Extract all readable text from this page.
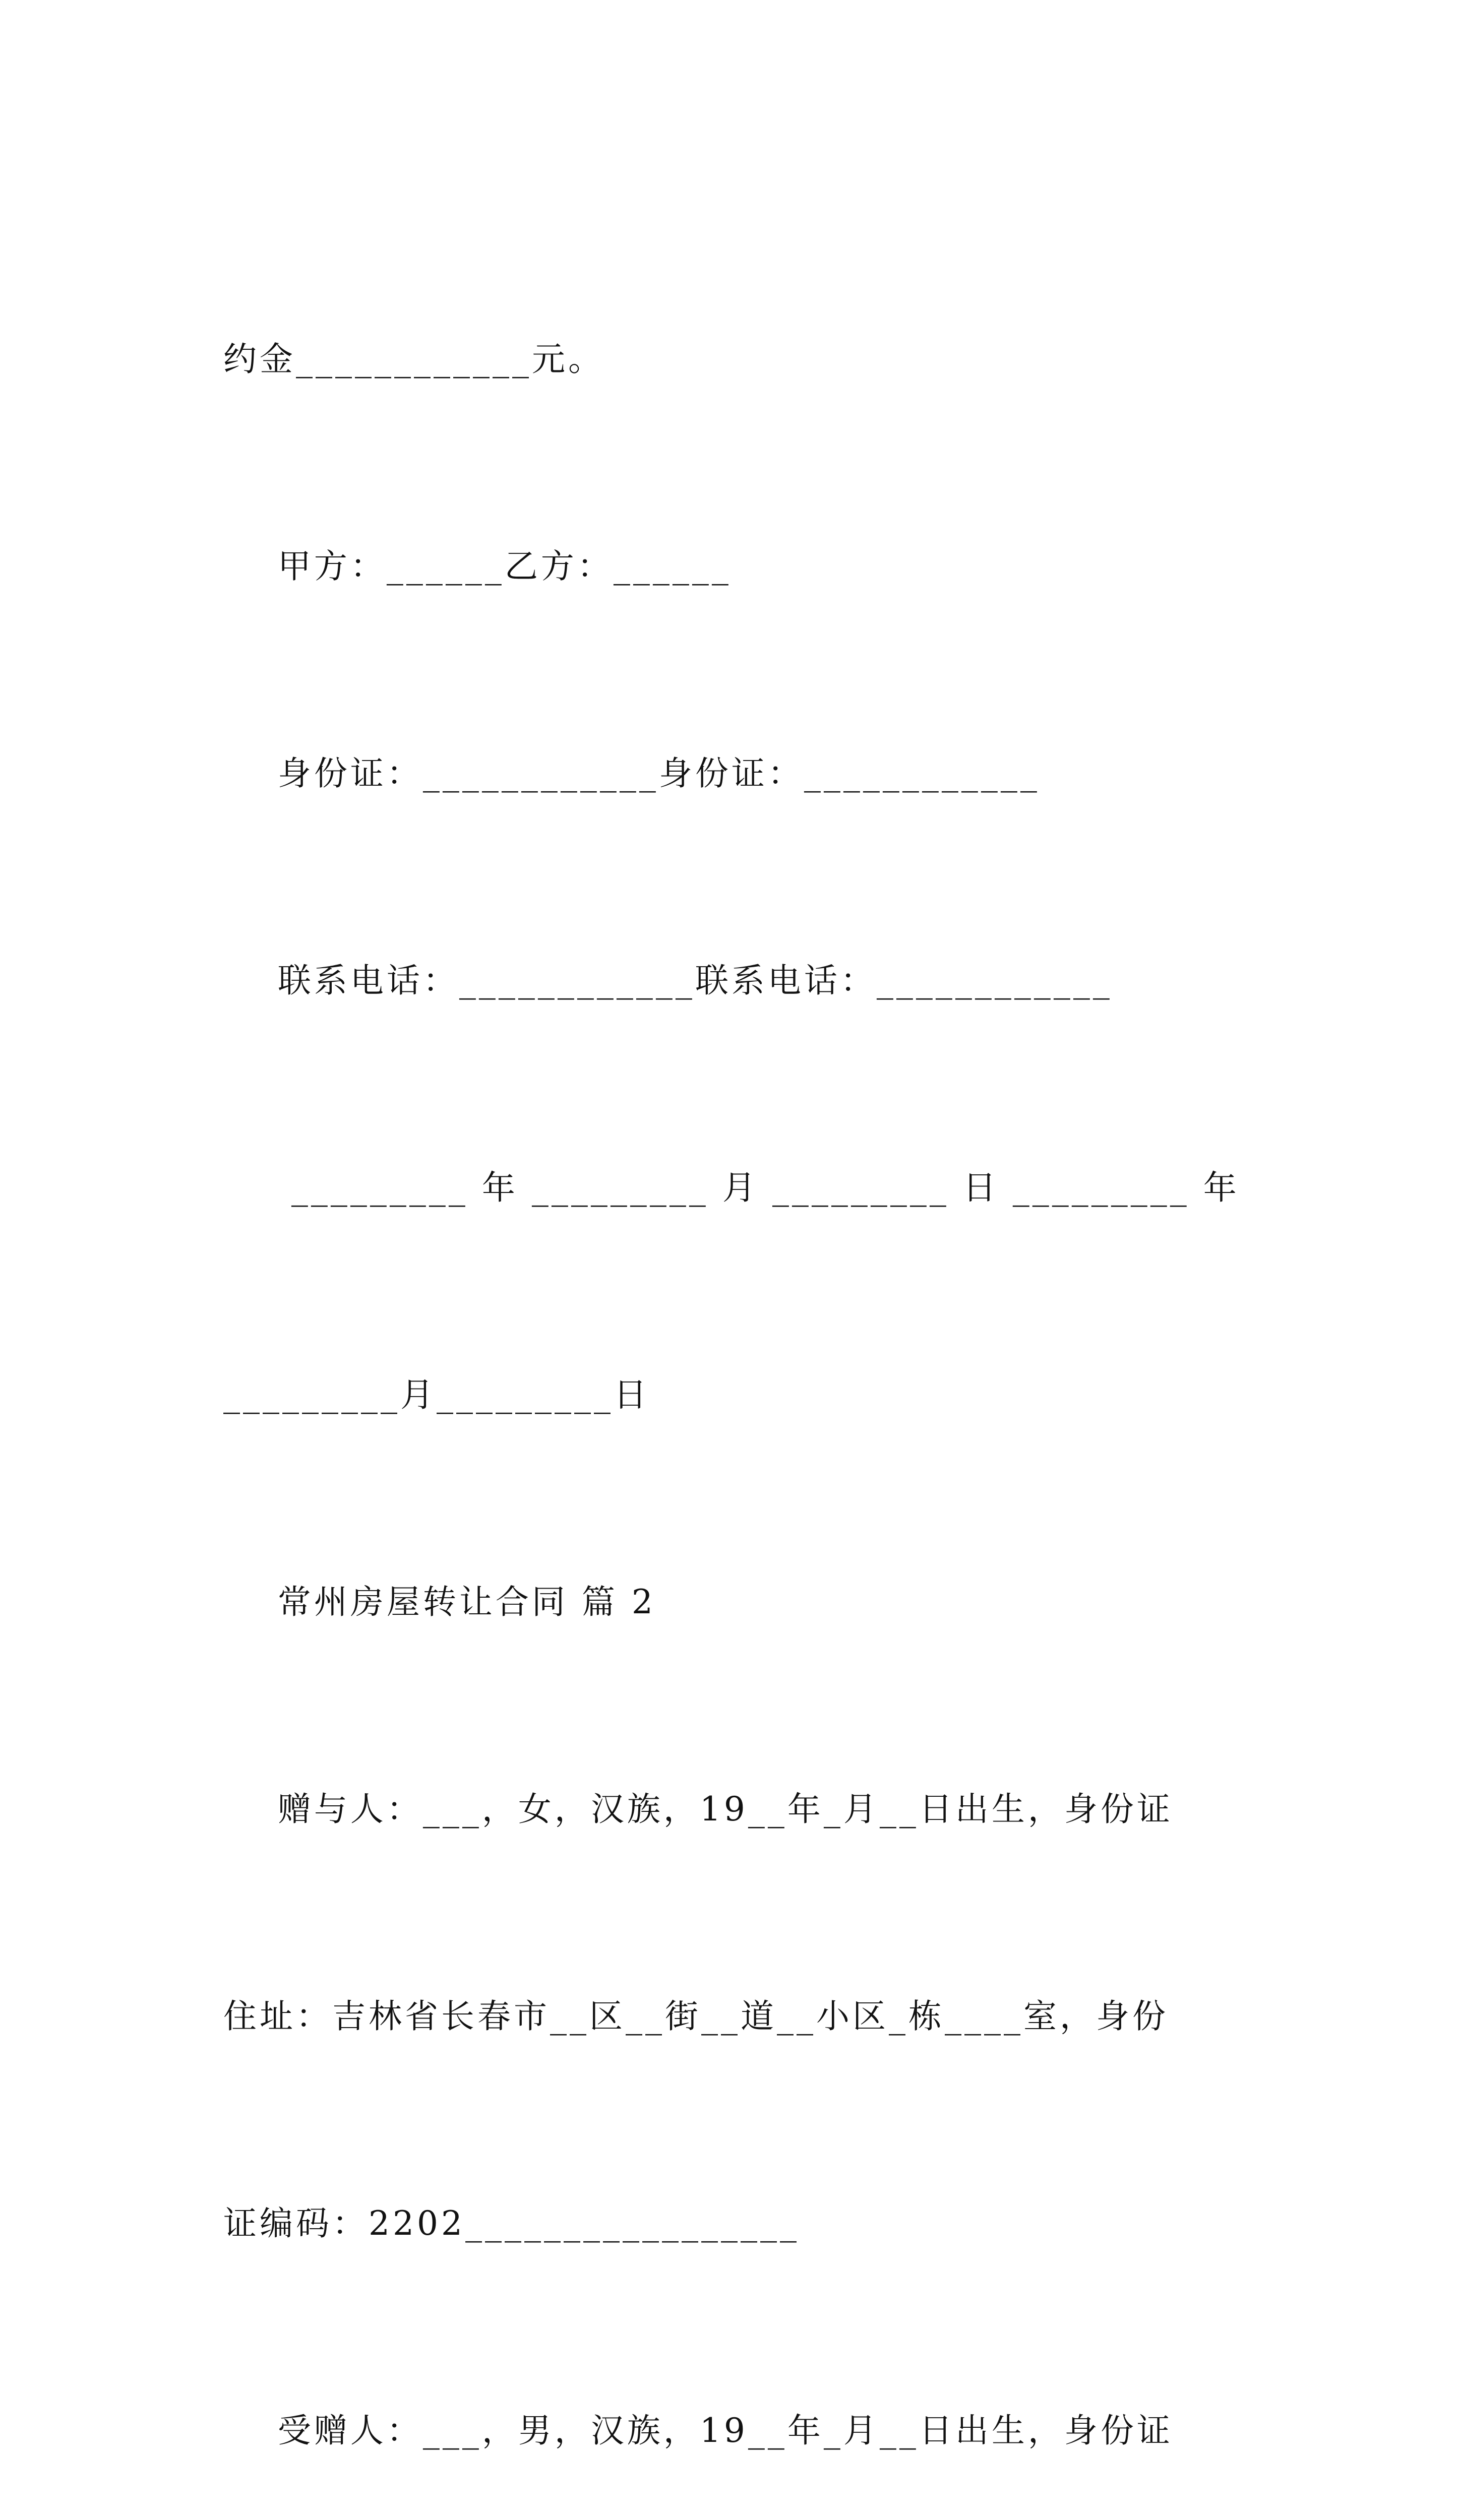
约金____________元。

甲方：______乙方：______

身份证：____________身份证：____________

联系电话：____________联系电话：____________

_________ 年 _________ 月 _________ 日 _________ 年

_________月_________日

常州房屋转让合同 篇 2

赠与人：___，女，汉族，19__年_月__日出生，身份证

住址：吉林省长春市__区__街__道__小区_栋____室，身份

证编码：2202_________________

受赠人：___，男，汉族，19__年_月__日出生，身份证
